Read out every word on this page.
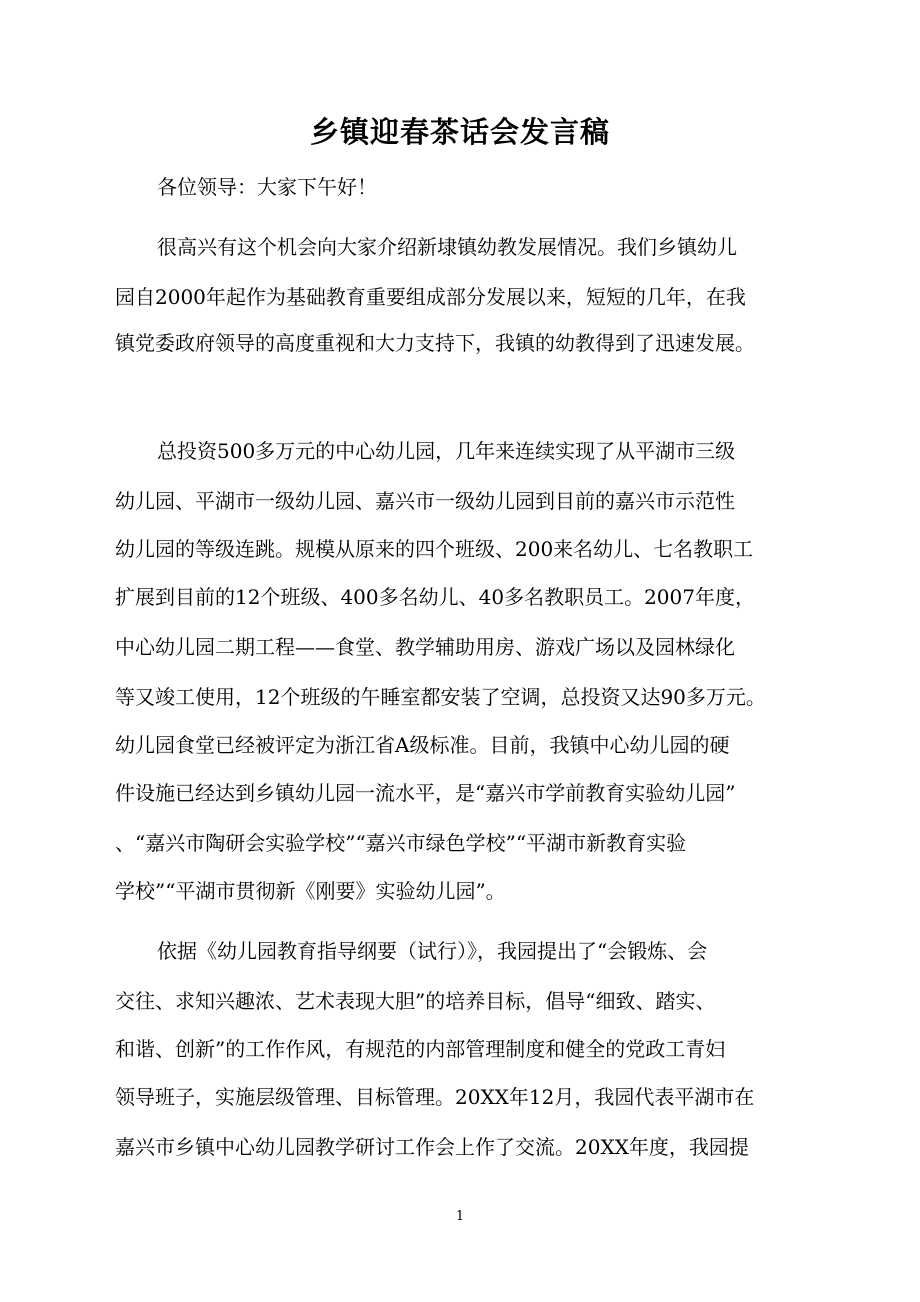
乡镇迎春茶话会发言稿

各位领导：大家下午好！

很高兴有这个机会向大家介绍新埭镇幼教发展情况。我们乡镇幼儿

园自2000年起作为基础教育重要组成部分发展以来，短短的几年，在我

镇党委政府领导的高度重视和大力支持下，我镇的幼教得到了迅速发展。

总投资500多万元的中心幼儿园，几年来连续实现了从平湖市三级

幼儿园、平湖市一级幼儿园、嘉兴市一级幼儿园到目前的嘉兴市示范性

幼儿园的等级连跳。规模从原来的四个班级、200来名幼儿、七名教职工

扩展到目前的12个班级、400多名幼儿、40多名教职员工。2007年度，

中心幼儿园二期工程——食堂、教学辅助用房、游戏广场以及园林绿化

等又竣工使用，12个班级的午睡室都安装了空调，总投资又达90多万元。

幼儿园食堂已经被评定为浙江省A级标准。目前，我镇中心幼儿园的硬

件设施已经达到乡镇幼儿园一流水平，是“嘉兴市学前教育实验幼儿园”

、“嘉兴市陶研会实验学校”“嘉兴市绿色学校”“平湖市新教育实验

学校”“平湖市贯彻新《刚要》实验幼儿园”。

依据《幼儿园教育指导纲要（试行）》，我园提出了“会锻炼、会

交往、求知兴趣浓、艺术表现大胆”的培养目标，倡导“细致、踏实、

和谐、创新”的工作作风，有规范的内部管理制度和健全的党政工青妇

领导班子，实施层级管理、目标管理。20XX年12月，我园代表平湖市在

嘉兴市乡镇中心幼儿园教学研讨工作会上作了交流。20XX年度，我园提

1
